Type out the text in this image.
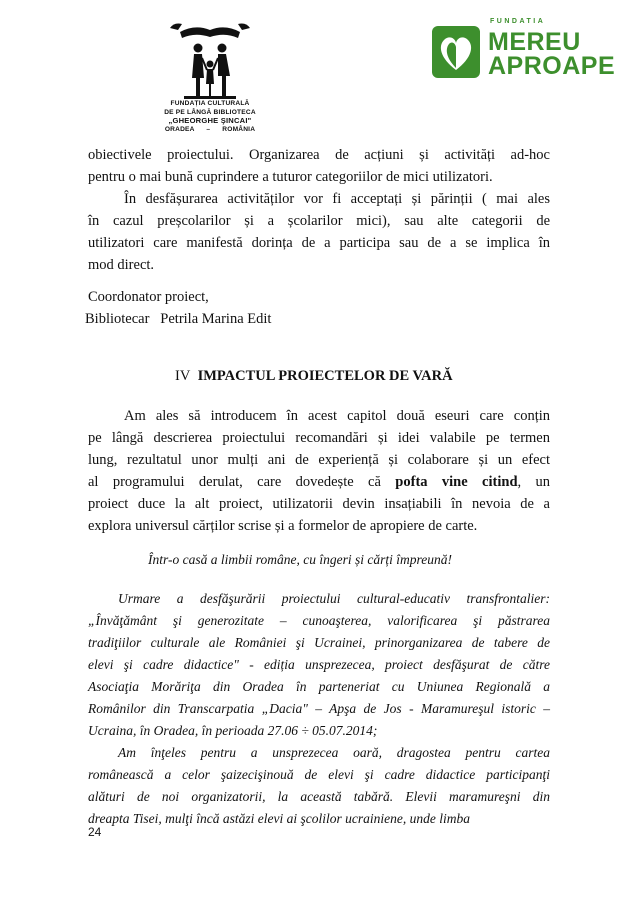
FUNDAȚIA CULTURALĂ
DE PE LÂNGĂ BIBLIOTECA
„GHEORGHE ŞINCAI"
ORADEA – ROMÂNIA
FUNDATIA
MEREU
APROAPE
obiectivele proiectului. Organizarea de acțiuni și activități ad-hoc
pentru o mai bună cuprindere a tuturor categoriilor de mici utilizatori.
În desfășurarea activităților vor fi acceptați și părinții ( mai ales
în cazul preșcolarilor și a școlarilor mici), sau alte categorii de
utilizatori care manifestă dorința de a participa sau de a se implica în
mod direct.
Coordonator proiect,
Bibliotecar   Petrila Marina Edit
IV IMPACTUL PROIECTELOR DE VARĂ
Am ales să introducem în acest capitol două eseuri care conțin
pe lângă descrierea proiectului recomandări și idei valabile pe termen
lung, rezultatul unor mulți ani de experiență și colaborare și un efect
al programului derulat, care dovedește că pofta vine citind, un
proiect duce la alt proiect, utilizatorii devin insațiabili în nevoia de a
explora universul cărților scrise și a formelor de apropiere de carte.
Într-o casă a limbii române, cu îngeri și cărți împreună!
Urmare a desfăşurării proiectului cultural-educativ transfrontalier:
„Învăţământ şi generozitate – cunoaşterea, valorificarea şi păstrarea
tradiţiilor culturale ale României şi Ucrainei, prinorganizarea de tabere de
elevi şi cadre didactice" - ediția unsprezecea, proiect desfăşurat de către
Asociaţia Morăriţa din Oradea în parteneriat cu Uniunea Regională a
Românilor din Transcarpatia „Dacia" – Apşa de Jos - Maramureşul istoric –
Ucraina, în Oradea, în perioada 27.06 ÷ 05.07.2014;
Am înţeles pentru a unsprezecea oară, dragostea pentru cartea
românească a celor şaizecişinouă de elevi şi cadre didactice participanţi
alături de noi organizatorii, la această tabără. Elevii maramureşni din
dreapta Tisei, mulţi încă astăzi elevi ai şcolilor ucrainiene, unde limba
24
